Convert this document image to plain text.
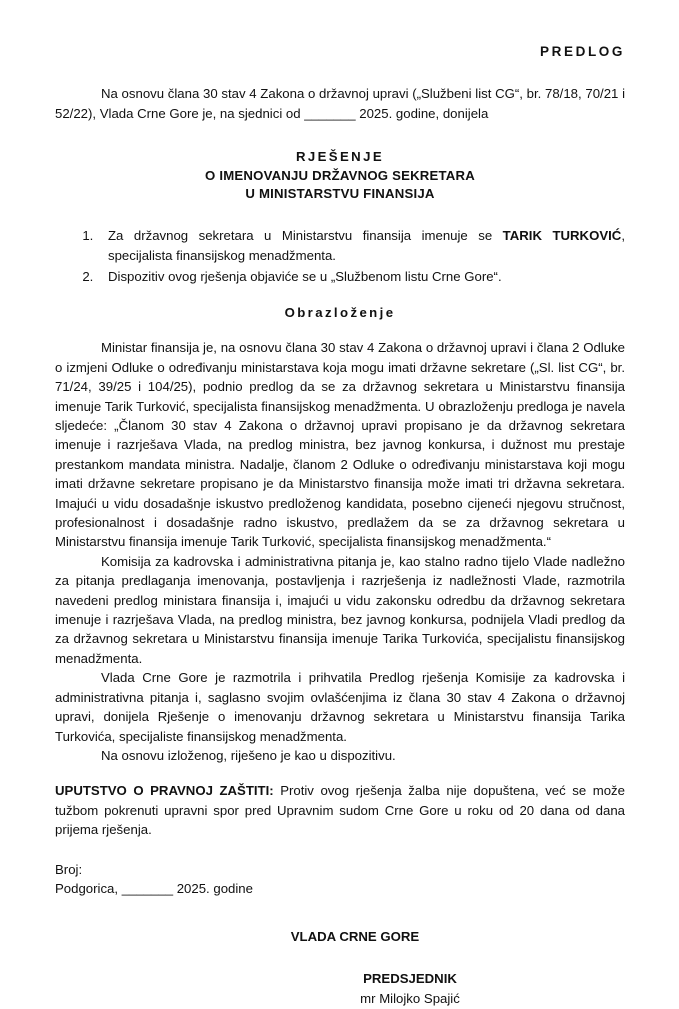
PREDLOG

Na osnovu člana 30 stav 4 Zakona o državnoj upravi („Službeni list CG“, br. 78/18, 70/21 i 52/22), Vlada Crne Gore je, na sjednici od _______ 2025. godine, donijela

RJEŠENJE
O IMENOVANJU DRŽAVNOG SEKRETARA
U MINISTARSTVU FINANSIJA
1. Za državnog sekretara u Ministarstvu finansija imenuje se TARIK TURKOVIĆ, specijalista finansijskog menadžmenta.
2. Dispozitiv ovog rješenja objaviće se u „Službenom listu Crne Gore“.
Obrazloženje

Ministar finansija je, na osnovu člana 30 stav 4 Zakona o državnoj upravi i člana 2 Odluke o izmjeni Odluke o određivanju ministarstava koja mogu imati državne sekretare („Sl. list CG“, br. 71/24, 39/25 i 104/25), podnio predlog da se za državnog sekretara u Ministarstvu finansija imenuje Tarik Turković, specijalista finansijskog menadžmenta. U obrazloženju predloga je navela sljedeće: „Članom 30 stav 4 Zakona o državnoj upravi propisano je da državnog sekretara imenuje i razrješava Vlada, na predlog ministra, bez javnog konkursa, i dužnost mu prestaje prestankom mandata ministra. Nadalje, članom 2 Odluke o određivanju ministarstava koji mogu imati državne sekretare propisano je da Ministarstvo finansija može imati tri državna sekretara. Imajući u vidu dosadašnje iskustvo predloženog kandidata, posebno cijeneći njegovu stručnost, profesionalnost i dosadašnje radno iskustvo, predlažem da se za državnog sekretara u Ministarstvu finansija imenuje Tarik Turković, specijalista finansijskog menadžmenta.“

Komisija za kadrovska i administrativna pitanja je, kao stalno radno tijelo Vlade nadležno za pitanja predlaganja imenovanja, postavljenja i razrješenja iz nadležnosti Vlade, razmotrila navedeni predlog ministara finansija i, imajući u vidu zakonsku odredbu da državnog sekretara imenuje i razrješava Vlada, na predlog ministra, bez javnog konkursa, podnijela Vladi predlog da za državnog sekretara u Ministarstvu finansija imenuje Tarika Turkovića, specijalistu finansijskog menadžmenta.

Vlada Crne Gore je razmotrila i prihvatila Predlog rješenja Komisije za kadrovska i administrativna pitanja i, saglasno svojim ovlašćenjima iz člana 30 stav 4 Zakona o državnoj upravi, donijela Rješenje o imenovanju državnog sekretara u Ministarstvu finansija Tarika Turkovića, specijaliste finansijskog menadžmenta.

Na osnovu izloženog, riješeno je kao u dispozitivu.

UPUTSTVO O PRAVNOJ ZAŠTITI: Protiv ovog rješenja žalba nije dopuštena, već se može tužbom pokrenuti upravni spor pred Upravnim sudom Crne Gore u roku od 20 dana od dana prijema rješenja.

Broj:
Podgorica, _______ 2025. godine
VLADA CRNE GORE
PREDSJEDNIK
mr Milojko Spajić
